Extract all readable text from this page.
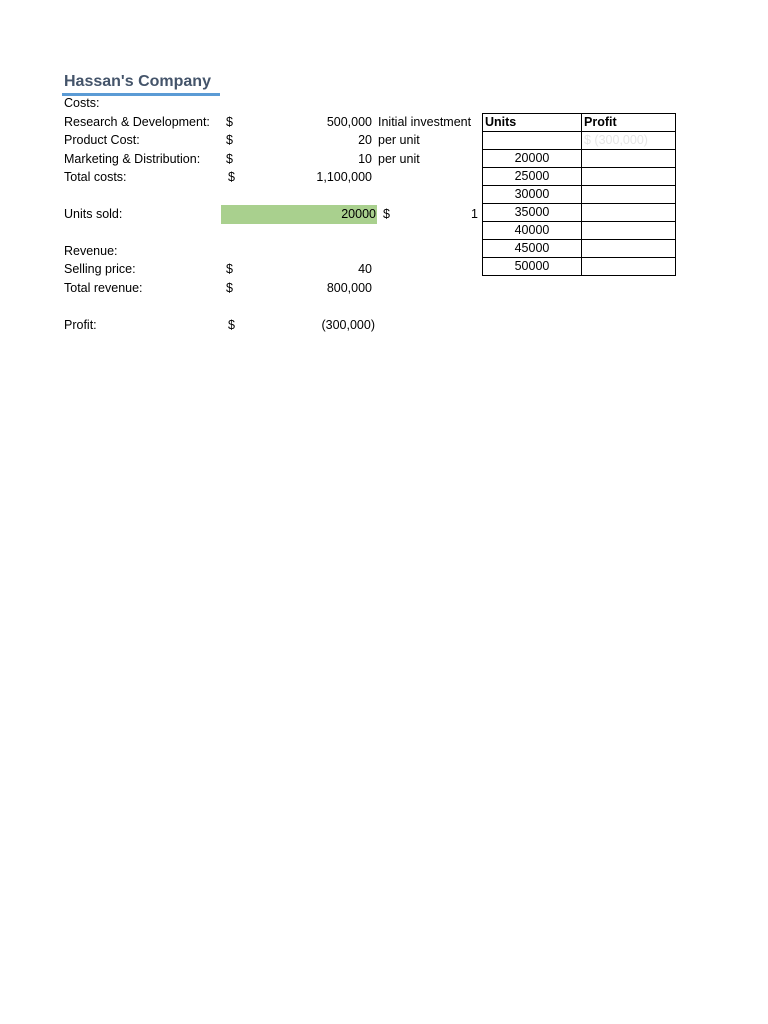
Hassan's Company
Costs:
Research & Development: $	500,000 Initial investment
Product Cost:	$	20 per unit
Marketing & Distribution: $	10 per unit
Total costs:	$	1,100,000
Units sold:	20000 $	1
Revenue:
Selling price:	$	40
Total revenue:	$	800,000
Profit:	$	(300,000)
Units	Profit
	$ (300,000)
20000	
25000	
30000	
35000	
40000	
45000	
50000	
